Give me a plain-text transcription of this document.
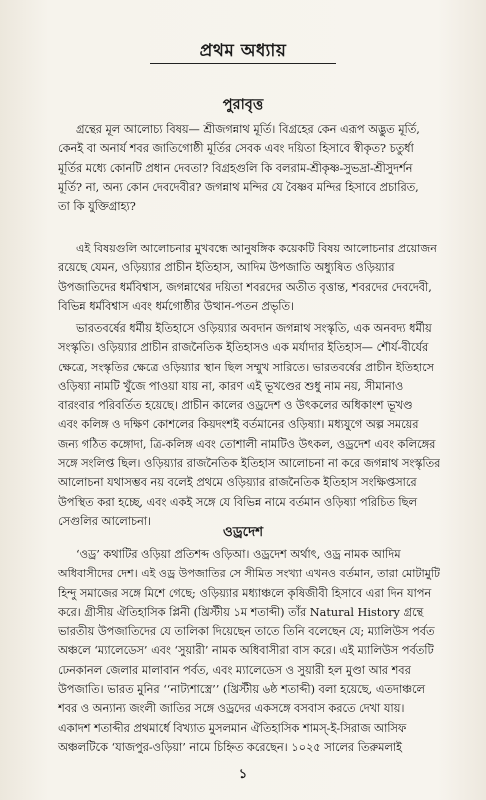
প্রথম অধ্যায়
পুরাবৃত্ত
গ্রন্থের মূল আলোচ্য বিষয়— শ্রীজগন্নাথ মূর্তি। বিগ্রহের কেন এরূপ অদ্ভুত মূর্তি,
কেনই বা অনার্য শবর জাতিগোষ্ঠী মূর্তির সেবক এবং দয়িতা হিসাবে স্বীকৃত? চতুর্ধা
মূর্তির মধ্যে কোনটি প্রধান দেবতা? বিগ্রহগুলি কি বলরাম-শ্রীকৃষ্ণ-সুভদ্রা-শ্রীসুদর্শন
মূর্তি? না, অন্য কোন দেবদেবীর? জগন্নাথ মন্দির যে বৈষ্ণব মন্দির হিসাবে প্রচারিত,
তা কি যুক্তিগ্রাহ্য?
এই বিষয়গুলি আলোচনার মুখবন্ধে আনুষঙ্গিক কয়েকটি বিষয় আলোচনার প্রয়োজন
রয়েছে যেমন, ওড়িয়্যার প্রাচীন ইতিহাস, আদিম উপজাতি অধ্যুষিত ওড়িয়্যার
উপজাতিদের ধর্মবিশ্বাস, জগন্নাথের দয়িতা শবরদের অতীত বৃত্তান্ত, শবরদের দেবদেবী,
বিভিন্ন ধর্মবিশ্বাস এবং ধর্মগোষ্ঠীর উত্থান-পতন প্রভৃতি।
ভারতবর্ষের ধর্মীয় ইতিহাসে ওড়িয়্যার অবদান জগন্নাথ সংস্কৃতি, এক অনবদ্য ধর্মীয়
সংস্কৃতি। ওড়িয়্যার প্রাচীন রাজনৈতিক ইতিহাসও এক মর্যাদার ইতিহাস— শৌর্য-বীর্যের
ক্ষেত্রে, সংস্কৃতির ক্ষেত্রে ওড়িয়্যার স্থান ছিল সম্মুখ সারিতে। ভারতবর্ষের প্রাচীন ইতিহাসে
ওড়িষ্যা নামটি খুঁজে পাওয়া যায় না, কারণ এই ভূখণ্ডের শুধু নাম নয়, সীমানাও
বারংবার পরিবর্তিত হয়েছে। প্রাচীন কালের ওড্রদেশ ও উৎকলের অধিকাংশ ভূখণ্ড
এবং কলিঙ্গ ও দক্ষিণ কোশলের কিয়দংশই বর্তমানের ওড়িষ্যা। মধ্যযুগে অল্প সময়ের
জন্য গঠিত কঙ্গোদা, ত্রি-কলিঙ্গ এবং তোশালী নামটিও উৎকল, ওড্রদেশ এবং কলিঙ্গের
সঙ্গে সংলিপ্ত ছিল। ওড়িয়্যার রাজনৈতিক ইতিহাস আলোচনা না করে জগন্নাথ সংস্কৃতির
আলোচনা যথাসম্ভব নয় বলেই প্রথমে ওড়িয়্যার রাজনৈতিক ইতিহাস সংক্ষিপ্তসারে
উপস্থিত করা হচ্ছে, এবং একই সঙ্গে যে বিভিন্ন নামে বর্তমান ওড়িষ্যা পরিচিত ছিল
সেগুলির আলোচনা।
ওড্রদেশ
‘ওড্র’ কথাটির ওড়িয়া প্রতিশব্দ ওড়িআ। ওড্রদেশ অর্থাৎ, ওড্র নামক আদিম
অধিবাসীদের দেশ। এই ওড্র উপজাতির সে সীমিত সংখ্যা এখনও বর্তমান, তারা মোটামুটি
হিন্দু সমাজের সঙ্গে মিশে গেছে; ওড়িয়্যার মধ্যাঞ্চলে কৃষিজীবী হিসাবে এরা দিন যাপন
করে। গ্রীসীয় ঐতিহাসিক প্লিনী (খ্রিস্টীয় ১ম শতাব্দী) তাঁর Natural History গ্রন্থে
ভারতীয় উপজাতিদের যে তালিকা দিয়েছেন তাতে তিনি বলেছেন যে; ম্যালিউস পর্বত
অঞ্চলে ‘ম্যালেডেস’ এবং ‘সুয়ারী’ নামক অধিবাসীরা বাস করে। এই ম্যালিউস পর্বতটি
ঢেনকানল জেলার মালাবান পর্বত, এবং ম্যালেডেস ও সুয়ারী হল মুণ্ডা আর শবর
উপজাতি। ভারত মুনির ‘‘নাট্যশাস্ত্রে’’ (খ্রিস্টীয় ৬ষ্ঠ শতাব্দী) বলা হয়েছে, এতদাঞ্চলে
শবর ও অন্যান্য জংলী জাতির সঙ্গে ওড্রদের একসঙ্গে বসবাস করতে দেখা যায়।
একাদশ শতাব্দীর প্রথমার্ধে বিখ্যাত মুসলমান ঐতিহাসিক শামস্-ই-সিরাজ আসিফ
অঞ্চলটিকে ‘যাজপুর-ওড়িয়া’ নামে চিহ্নিত করেছেন। ১০২৫ সালের তিরুমলাই
১
